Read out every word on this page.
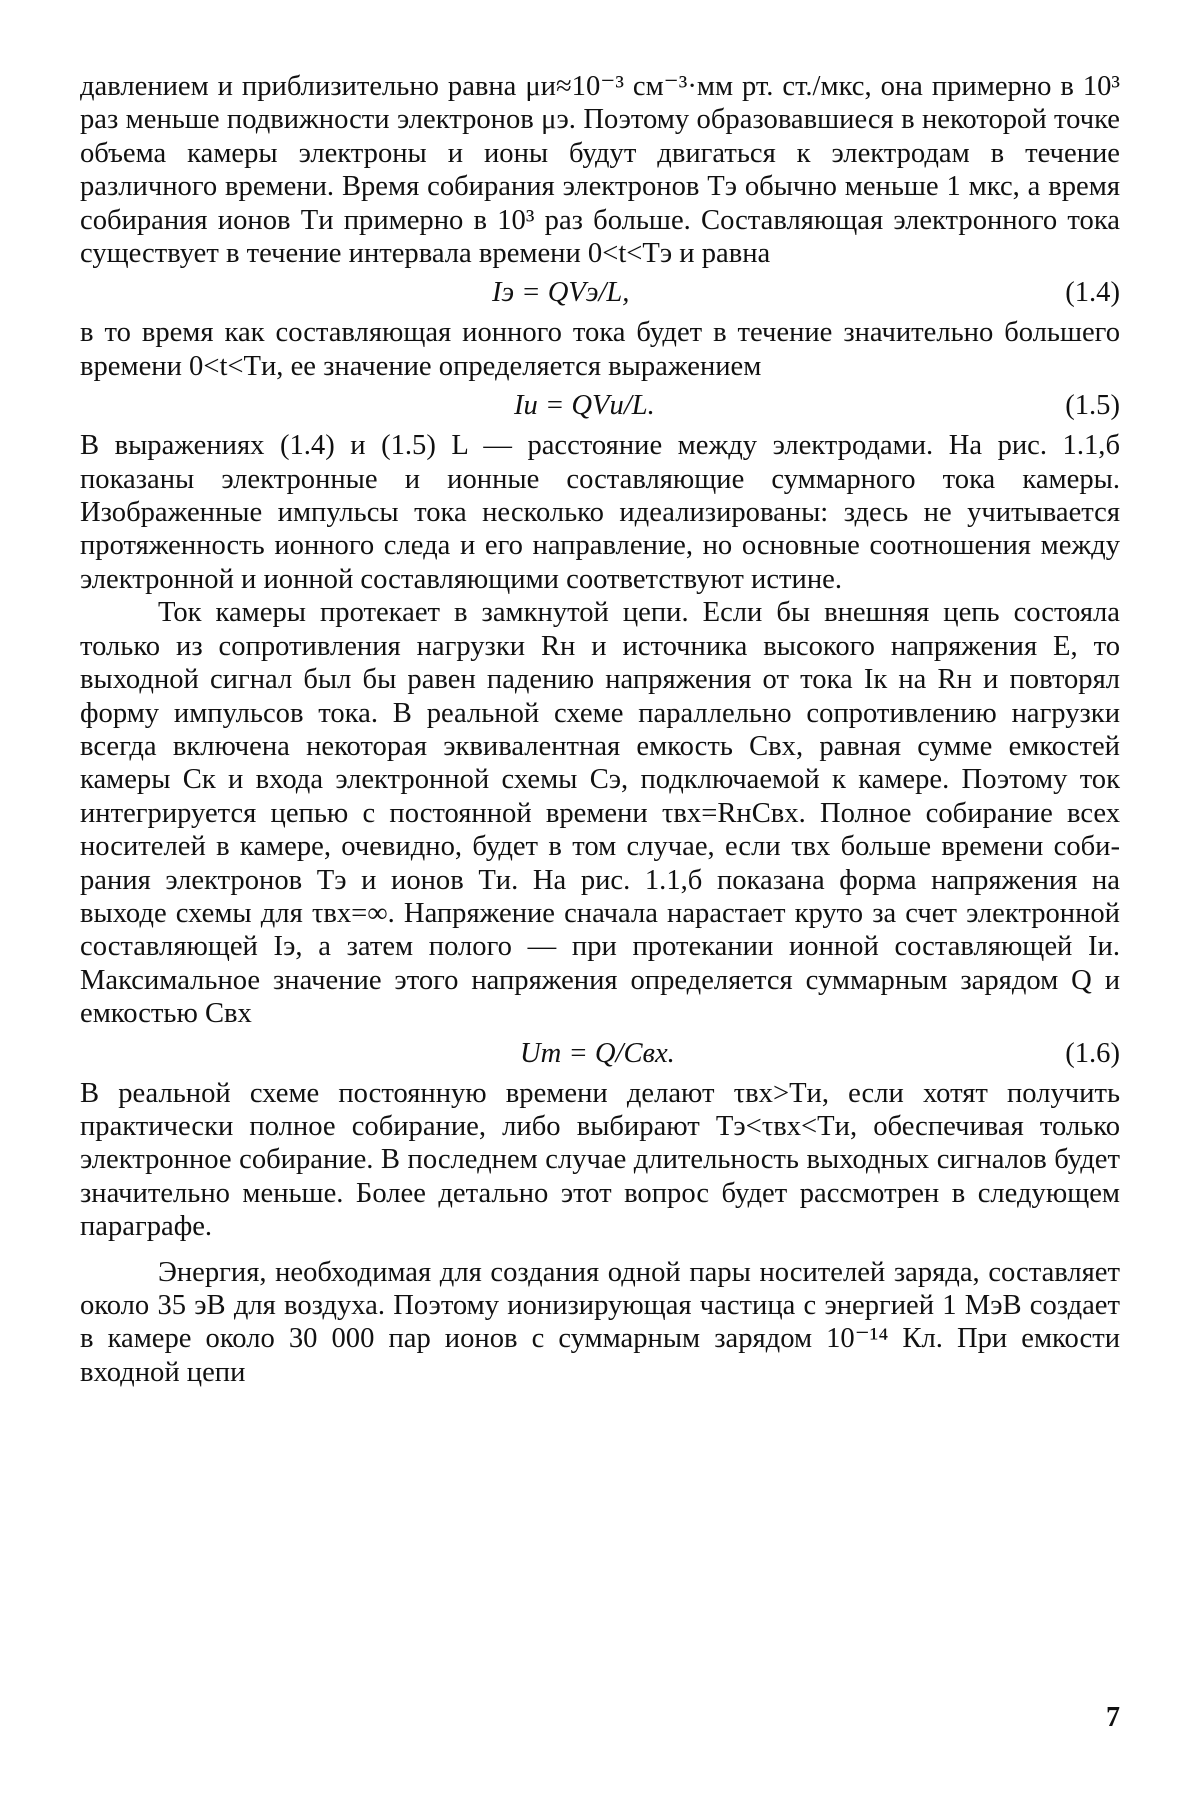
давлением и приблизительно равна μи≈10⁻³ см⁻³·мм рт. ст./мкс, она примерно в 10³ раз меньше подвижности электронов μэ. Поэтому образовавшиеся в некоторой точке объема камеры электроны и ионы будут двигаться к электродам в течение различного времени. Время собирания электронов Tэ обычно меньше 1 мкс, а время собирания ионов Tи примерно в 10³ раз больше. Составляющая электронного тока существует в течение интервала времени 0<t<Tэ и равна

Iэ = QVэ/L,	(1.4)

в то время как составляющая ионного тока будет в течение значительно большего времени 0<t<Tи, ее значение определяется выражением

Iи = QVи/L.	(1.5)

В выражениях (1.4) и (1.5) L — расстояние между электродами. На рис. 1.1,б показаны электронные и ионные составляющие суммарного тока камеры. Изображенные импульсы тока несколько идеализированы: здесь не учитывается протяженность ионного следа и его направление, но основные соотношения между электронной и ионной составляющими соответствуют истине.

Ток камеры протекает в замкнутой цепи. Если бы внешняя цепь состояла только из сопротивления нагрузки Rн и источника высокого напряжения E, то выходной сигнал был бы равен падению напряжения от тока Iк на Rн и повторял форму импульсов тока. В реальной схеме параллельно сопротивлению нагрузки всегда включена некоторая эквивалентная емкость Cвх, равная сумме емкостей камеры Cк и входа электронной схемы Cэ, подключаемой к камере. Поэтому ток интегрируется цепью с постоянной времени τвх=RнCвх. Полное собирание всех носителей в камере, очевидно, будет в том случае, если τвх больше времени собирания электронов Tэ и ионов Tи. На рис. 1.1,б показана форма напряжения на выходе схемы для τвх=∞. Напряжение сначала нарастает круто за счет электронной составляющей Iэ, а затем полого — при протекании ионной составляющей Iи. Максимальное значение этого напряжения определяется суммарным зарядом Q и емкостью Cвх

Um = Q/Cвх.	(1.6)

В реальной схеме постоянную времени делают τвх>Tи, если хотят получить практически полное собирание, либо выбирают Tэ<τвх<Tи, обеспечивая только электронное собирание. В последнем случае длительность выходных сигналов будет значительно меньше. Более детально этот вопрос будет рассмотрен в следующем параграфе.

Энергия, необходимая для создания одной пары носителей заряда, составляет около 35 эВ для воздуха. Поэтому ионизирующая частица с энергией 1 МэВ создает в камере около 30 000 пар ионов с суммарным зарядом 10⁻¹⁴ Кл. При емкости входной цепи

7
